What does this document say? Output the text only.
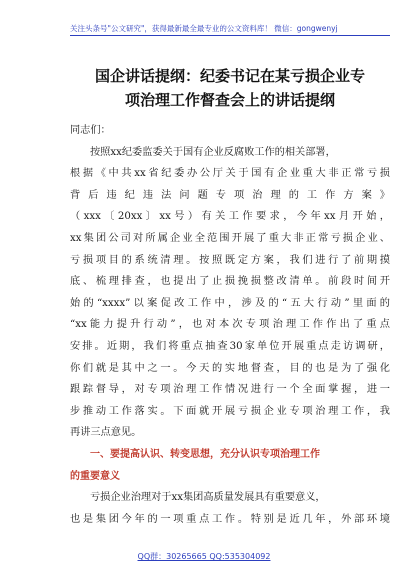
关注头条号"公文研究"，获得最新最全最专业的公文资料库！ 微信：gongwenyj
国企讲话提纲：纪委书记在某亏损企业专
项治理工作督查会上的讲话提纲

同志们：

按照xx纪委监委关于国有企业反腐败工作的相关部署，
根据《中共xx省纪委办公厅关于国有企业重大非正常亏损
背后违纪违法问题专项治理的工作方案》
（xxx〔20xx〕xx号）有关工作要求，今年xx月开始，
xx集团公司对所属企业全范围开展了重大非正常亏损企业、
亏损项目的系统清理。按照既定方案，我们进行了前期摸
底、梳理排查，也提出了止损挽损整改清单。前段时间开
始的“xxxx”以案促改工作中，涉及的“五大行动”里面的
“xx能力提升行动”，也对本次专项治理工作作出了重点
安排。近期，我们将重点抽查30家单位开展重点走访调研，
你们就是其中之一。今天的实地督查，目的也是为了强化
跟踪督导，对专项治理工作情况进行一个全面掌握，进一
步推动工作落实。下面就开展亏损企业专项治理工作，我
再讲三点意见。

一、要提高认识、转变思想，充分认识专项治理工作
的重要意义

亏损企业治理对于xx集团高质量发展具有重要意义，
也是集团今年的一项重点工作。特别是近几年，外部环境

QQ群：30265665 QQ:535304092
